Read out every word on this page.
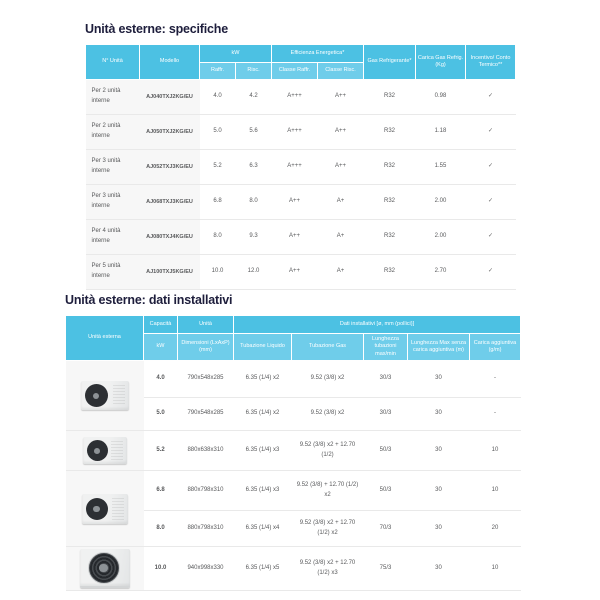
Unità esterne: specifiche
N° Unità	Modello	kW		Efficienza Energetica*		Gas Refrigerante*	Carica Gas Refrig. (Kg)	Incentivo/ Conto Termico**
		Raffr.	Risc.	Classe Raffr.	Classe Risc.			
Per 2 unità interne	AJ040TXJ2KG/EU	4.0	4.2	A+++	A++	R32	0.98	✓
Per 2 unità interne	AJ050TXJ2KG/EU	5.0	5.6	A+++	A++	R32	1.18	✓
Per 3 unità interne	AJ052TXJ3KG/EU	5.2	6.3	A+++	A++	R32	1.55	✓
Per 3 unità interne	AJ068TXJ3KG/EU	6.8	8.0	A++	A+	R32	2.00	✓
Per 4 unità interne	AJ080TXJ4KG/EU	8.0	9.3	A++	A+	R32	2.00	✓
Per 5 unità interne	AJ100TXJ5KG/EU	10.0	12.0	A++	A+	R32	2.70	✓
Unità esterne: dati installativi
Unità esterna	Capacità	Unità	Dati installativi [ø, mm (pollici)]				
	kW	Dimensioni (LxAxP) (mm)	Tubazione Liquido	Tubazione Gas	Lunghezza tubazioni max/min	Lunghezza Max senza carica aggiuntiva (m)	Carica aggiuntiva (g/m)

	4.0	790x548x285	6.35 (1/4) x2	9.52 (3/8) x2	30/3	30	-
	5.0	790x548x285	6.35 (1/4) x2	9.52 (3/8) x2	30/3	30	-

	5.2	880x638x310	6.35 (1/4) x3	9.52 (3/8) x2 + 12.70 (1/2)	50/3	30	10

	6.8	880x798x310	6.35 (1/4) x3	9.52 (3/8) + 12.70 (1/2) x2	50/3	30	10
	8.0	880x798x310	6.35 (1/4) x4	9.52 (3/8) x2 + 12.70 (1/2) x2	70/3	30	20

	10.0	940x998x330	6.35 (1/4) x5	9.52 (3/8) x2 + 12.70 (1/2) x3	75/3	30	10
